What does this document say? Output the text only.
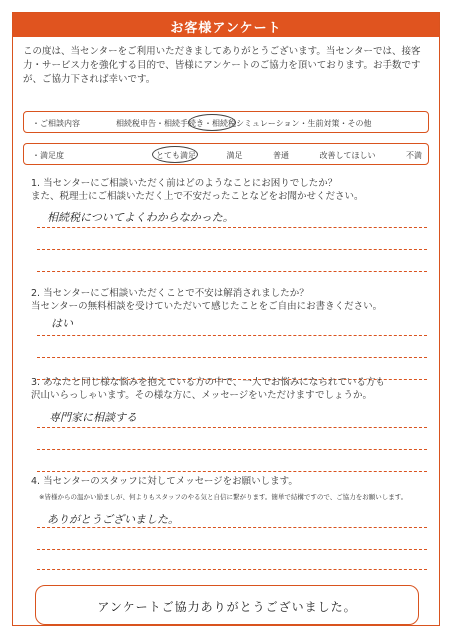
お客様アンケート
この度は、当センターをご利用いただきましてありがとうございます。当センターでは、接客力・サービス力を強化する目的で、皆様にアンケートのご協力を頂いております。お手数ですが、ご協力下されば幸いです。
・ご相談内容	相続税申告・相続手続き・相続税シミュレーション・生前対策・その他
・満足度	とても満足	満足	普通	改善してほしい	不満
1. 当センターにご相談いただく前はどのようなことにお困りでしたか？
また、税理士にご相談いただく上で不安だったことなどをお聞かせください。
相続税についてよくわからなかった。
2. 当センターにご相談いただくことで不安は解消されましたか？
当センターの無料相談を受けていただいて感じたことをご自由にお書きください。
はい
3. あなたと同じ様な悩みを抱えている方の中で、一人でお悩みになられている方も
沢山いらっしゃいます。その様な方に、メッセージをいただけますでしょうか。
専門家に相談する
4. 当センターのスタッフに対してメッセージをお願いします。
※皆様からの温かい励ましが、何よりもスタッフのやる気と自信に繋がります。簡単で結構ですので、ご協力をお願いします。
ありがとうございました。
アンケートご協力ありがとうございました。
